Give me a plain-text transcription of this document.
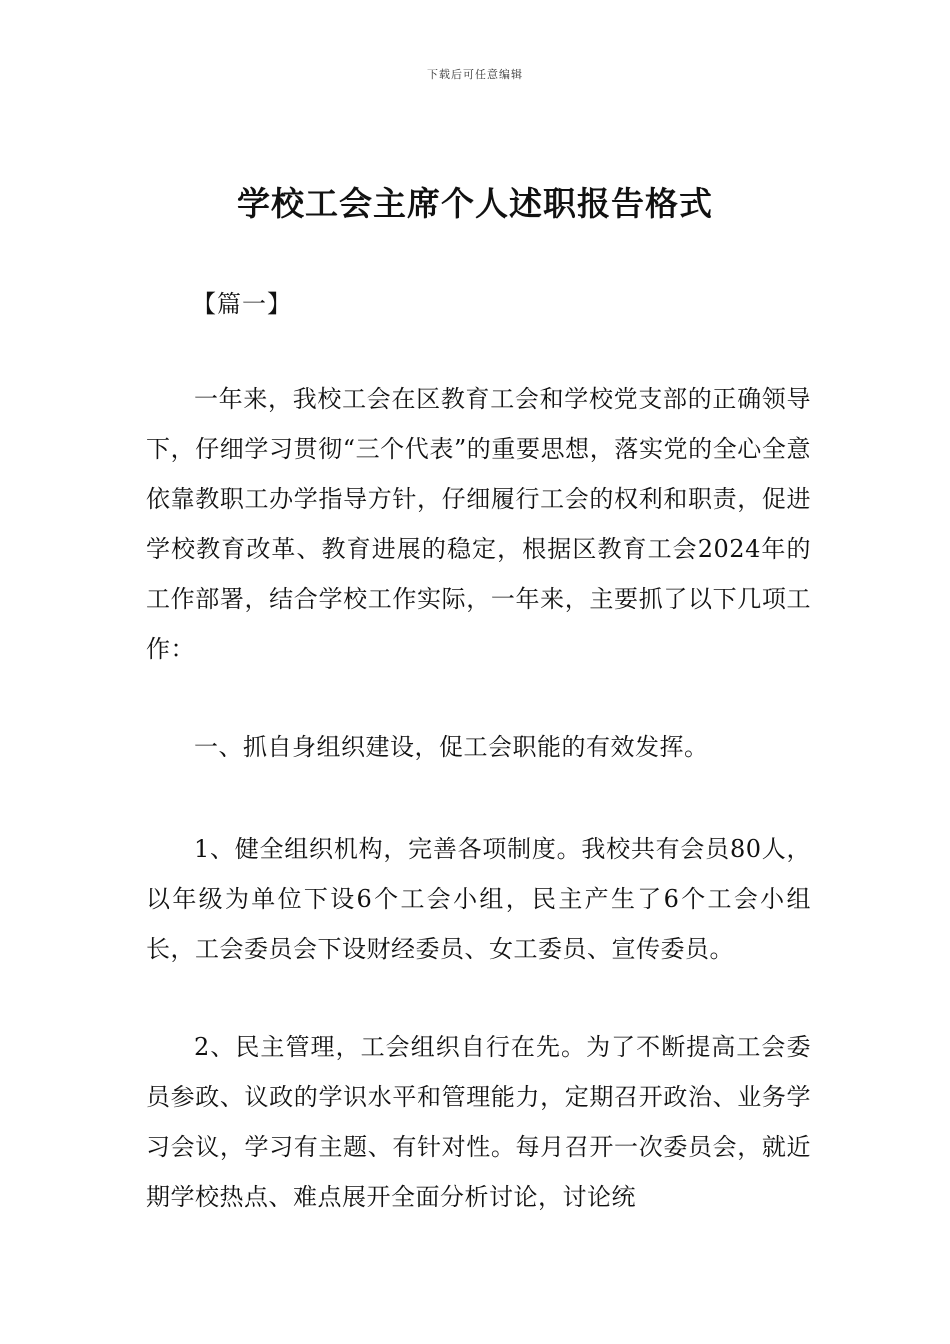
下载后可任意编辑
学校工会主席个人述职报告格式
【篇一】

一年来，我校工会在区教育工会和学校党支部的正确领导下，仔细学习贯彻“三个代表”的重要思想，落实党的全心全意依靠教职工办学指导方针，仔细履行工会的权利和职责，促进学校教育改革、教育进展的稳定，根据区教育工会2024年的工作部署，结合学校工作实际，一年来，主要抓了以下几项工作：

一、抓自身组织建设，促工会职能的有效发挥。

1、健全组织机构，完善各项制度。我校共有会员80人，以年级为单位下设6个工会小组，民主产生了6个工会小组长，工会委员会下设财经委员、女工委员、宣传委员。

2、民主管理，工会组织自行在先。为了不断提高工会委员参政、议政的学识水平和管理能力，定期召开政治、业务学习会议，学习有主题、有针对性。每月召开一次委员会，就近期学校热点、难点展开全面分析讨论，讨论统
